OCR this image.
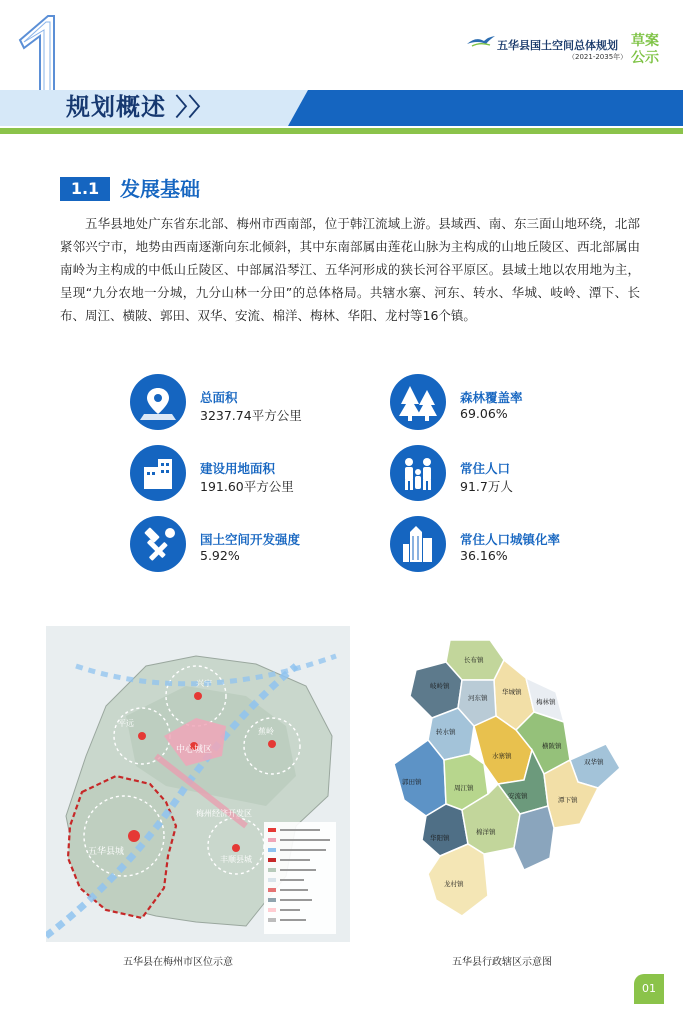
五华县国土空间总体规划
（2021-2035年）
草案
公示
规划概述 〉〉
1.1	发展基础

五华县地处广东省东北部、梅州市西南部，位于韩江流域上游。县域西、南、东三面山地环绕，北部紧邻兴宁市，地势由西南逐渐向东北倾斜，其中东南部属由莲花山脉为主构成的山地丘陵区、西北部属由南岭为主构成的中低山丘陵区、中部属沿琴江、五华河形成的狭长河谷平原区。县域土地以农用地为主，呈现“九分农地一分城，九分山林一分田”的总体格局。共辖水寨、河东、转水、华城、岐岭、潭下、长布、周江、横陂、郭田、双华、安流、棉洋、梅林、华阳、龙村等16个镇。

总面积
3237.74平方公里
森林覆盖率
69.06%
建设用地面积
191.60平方公里
常住人口
91.7万人
国土空间开发强度
5.92%
常住人口城镇化率
36.16%
中心城区
五华县城
兴宁
平远
蕉岭
丰顺县城
梅州经济开发区
五华县在梅州市区位示意
岐岭镇
长布镇
华城镇
梅林镇
转水镇
河东镇
横陂镇
双华镇
水寨镇
郭田镇
周江镇
安流镇
潭下镇
华阳镇
棉洋镇
龙村镇
五华县行政辖区示意图
01
